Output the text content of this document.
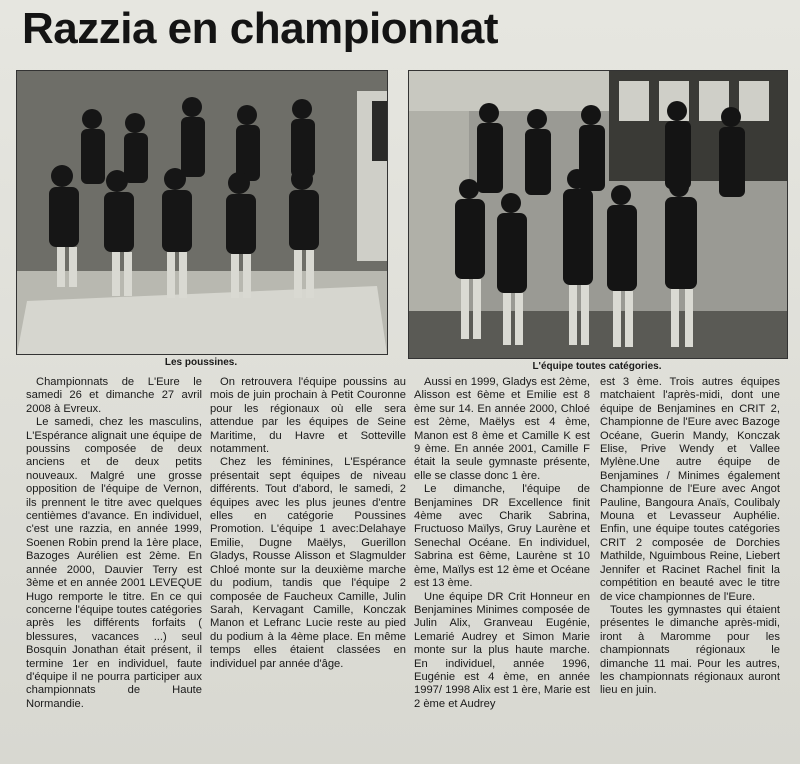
Razzia en championnat
Les poussines.	L'équipe toutes catégories.

Championnats de L'Eure le samedi 26 et dimanche 27 avril 2008 à Evreux.

Le samedi, chez les masculins, L'Espérance alignait une équipe de poussins composée de deux anciens et de deux petits nouveaux. Malgré une grosse opposition de l'équipe de Vernon, ils prennent le titre avec quelques centièmes d'avance. En individuel, c'est une razzia, en année 1999, Soenen Robin prend la 1ère place, Bazoges Aurélien est 2ème. En année 2000, Dauvier Terry est 3ème et en année 2001 LEVEQUE Hugo remporte le titre. En ce qui concerne l'équipe toutes catégories après les différents forfaits ( blessures, vacances ...) seul Bosquin Jonathan était présent, il termine 1er en individuel, faute d'équipe il ne pourra participer aux championnats de Haute Normandie.

On retrouvera l'équipe poussins au mois de juin prochain à Petit Couronne pour les régionaux où elle sera attendue par les équipes de Seine Maritime, du Havre et Sotteville notamment.

Chez les féminines, L'Espérance présentait sept équipes de niveau différents. Tout d'abord, le samedi, 2 équipes avec les plus jeunes d'entre elles en catégorie Poussines Promotion. L'équipe 1 avec:Delahaye Emilie, Dugne Maëlys, Guerillon Gladys, Rousse Alisson et Slagmulder Chloé monte sur la deuxième marche du podium, tandis que l'équipe 2 composée de Faucheux Camille, Julin Sarah, Kervagant Camille, Konczak Manon et Lefranc Lucie reste au pied du podium à la 4ème place. En même temps elles étaient classées en individuel par année d'âge.

Aussi en 1999, Gladys est 2ème, Alisson est 6ème et Emilie est 8 ème sur 14. En année 2000, Chloé est 2ème, Maëlys est 4 ème, Manon est 8 ème et Camille K est 9 ème. En année 2001, Camille F était la seule gymnaste présente, elle se classe donc 1 ère.

Le dimanche, l'équipe de Benjamines DR Excellence finit 4ème avec Charik Sabrina, Fructuoso Maïlys, Gruy Laurène et Senechal Océane. En individuel, Sabrina est 6ème, Laurène st 10 ème, Maïlys est 12 ème et Océane est 13 ème.

Une équipe DR Crit Honneur en Benjamines Minimes composée de Julin Alix, Granveau Eugénie, Lemarié Audrey et Simon Marie monte sur la plus haute marche. En individuel, année 1996, Eugénie est 4 ème, en année 1997/ 1998 Alix est 1 ère, Marie est 2 ème et Audrey

est 3 ème. Trois autres équipes matchaient l'après-midi, dont une équipe de Benjamines en CRIT 2, Championne de l'Eure avec Bazoge Océane, Guerin Mandy, Konczak Elise, Prive Wendy et Vallee Mylène.Une autre équipe de Benjamines / Minimes également Championne de l'Eure avec Angot Pauline, Bangoura Anaïs, Coulibaly Mouna et Levasseur Auphélie. Enfin, une équipe toutes catégories CRIT 2 composée de Dorchies Mathilde, Nguimbous Reine, Liebert Jennifer et Racinet Rachel finit la compétition en beauté avec le titre de vice championnes de l'Eure.

Toutes les gymnastes qui étaient présentes le dimanche après-midi, iront à Maromme pour les championnats régionaux le dimanche 11 mai. Pour les autres, les championnats régionaux auront lieu en juin.
